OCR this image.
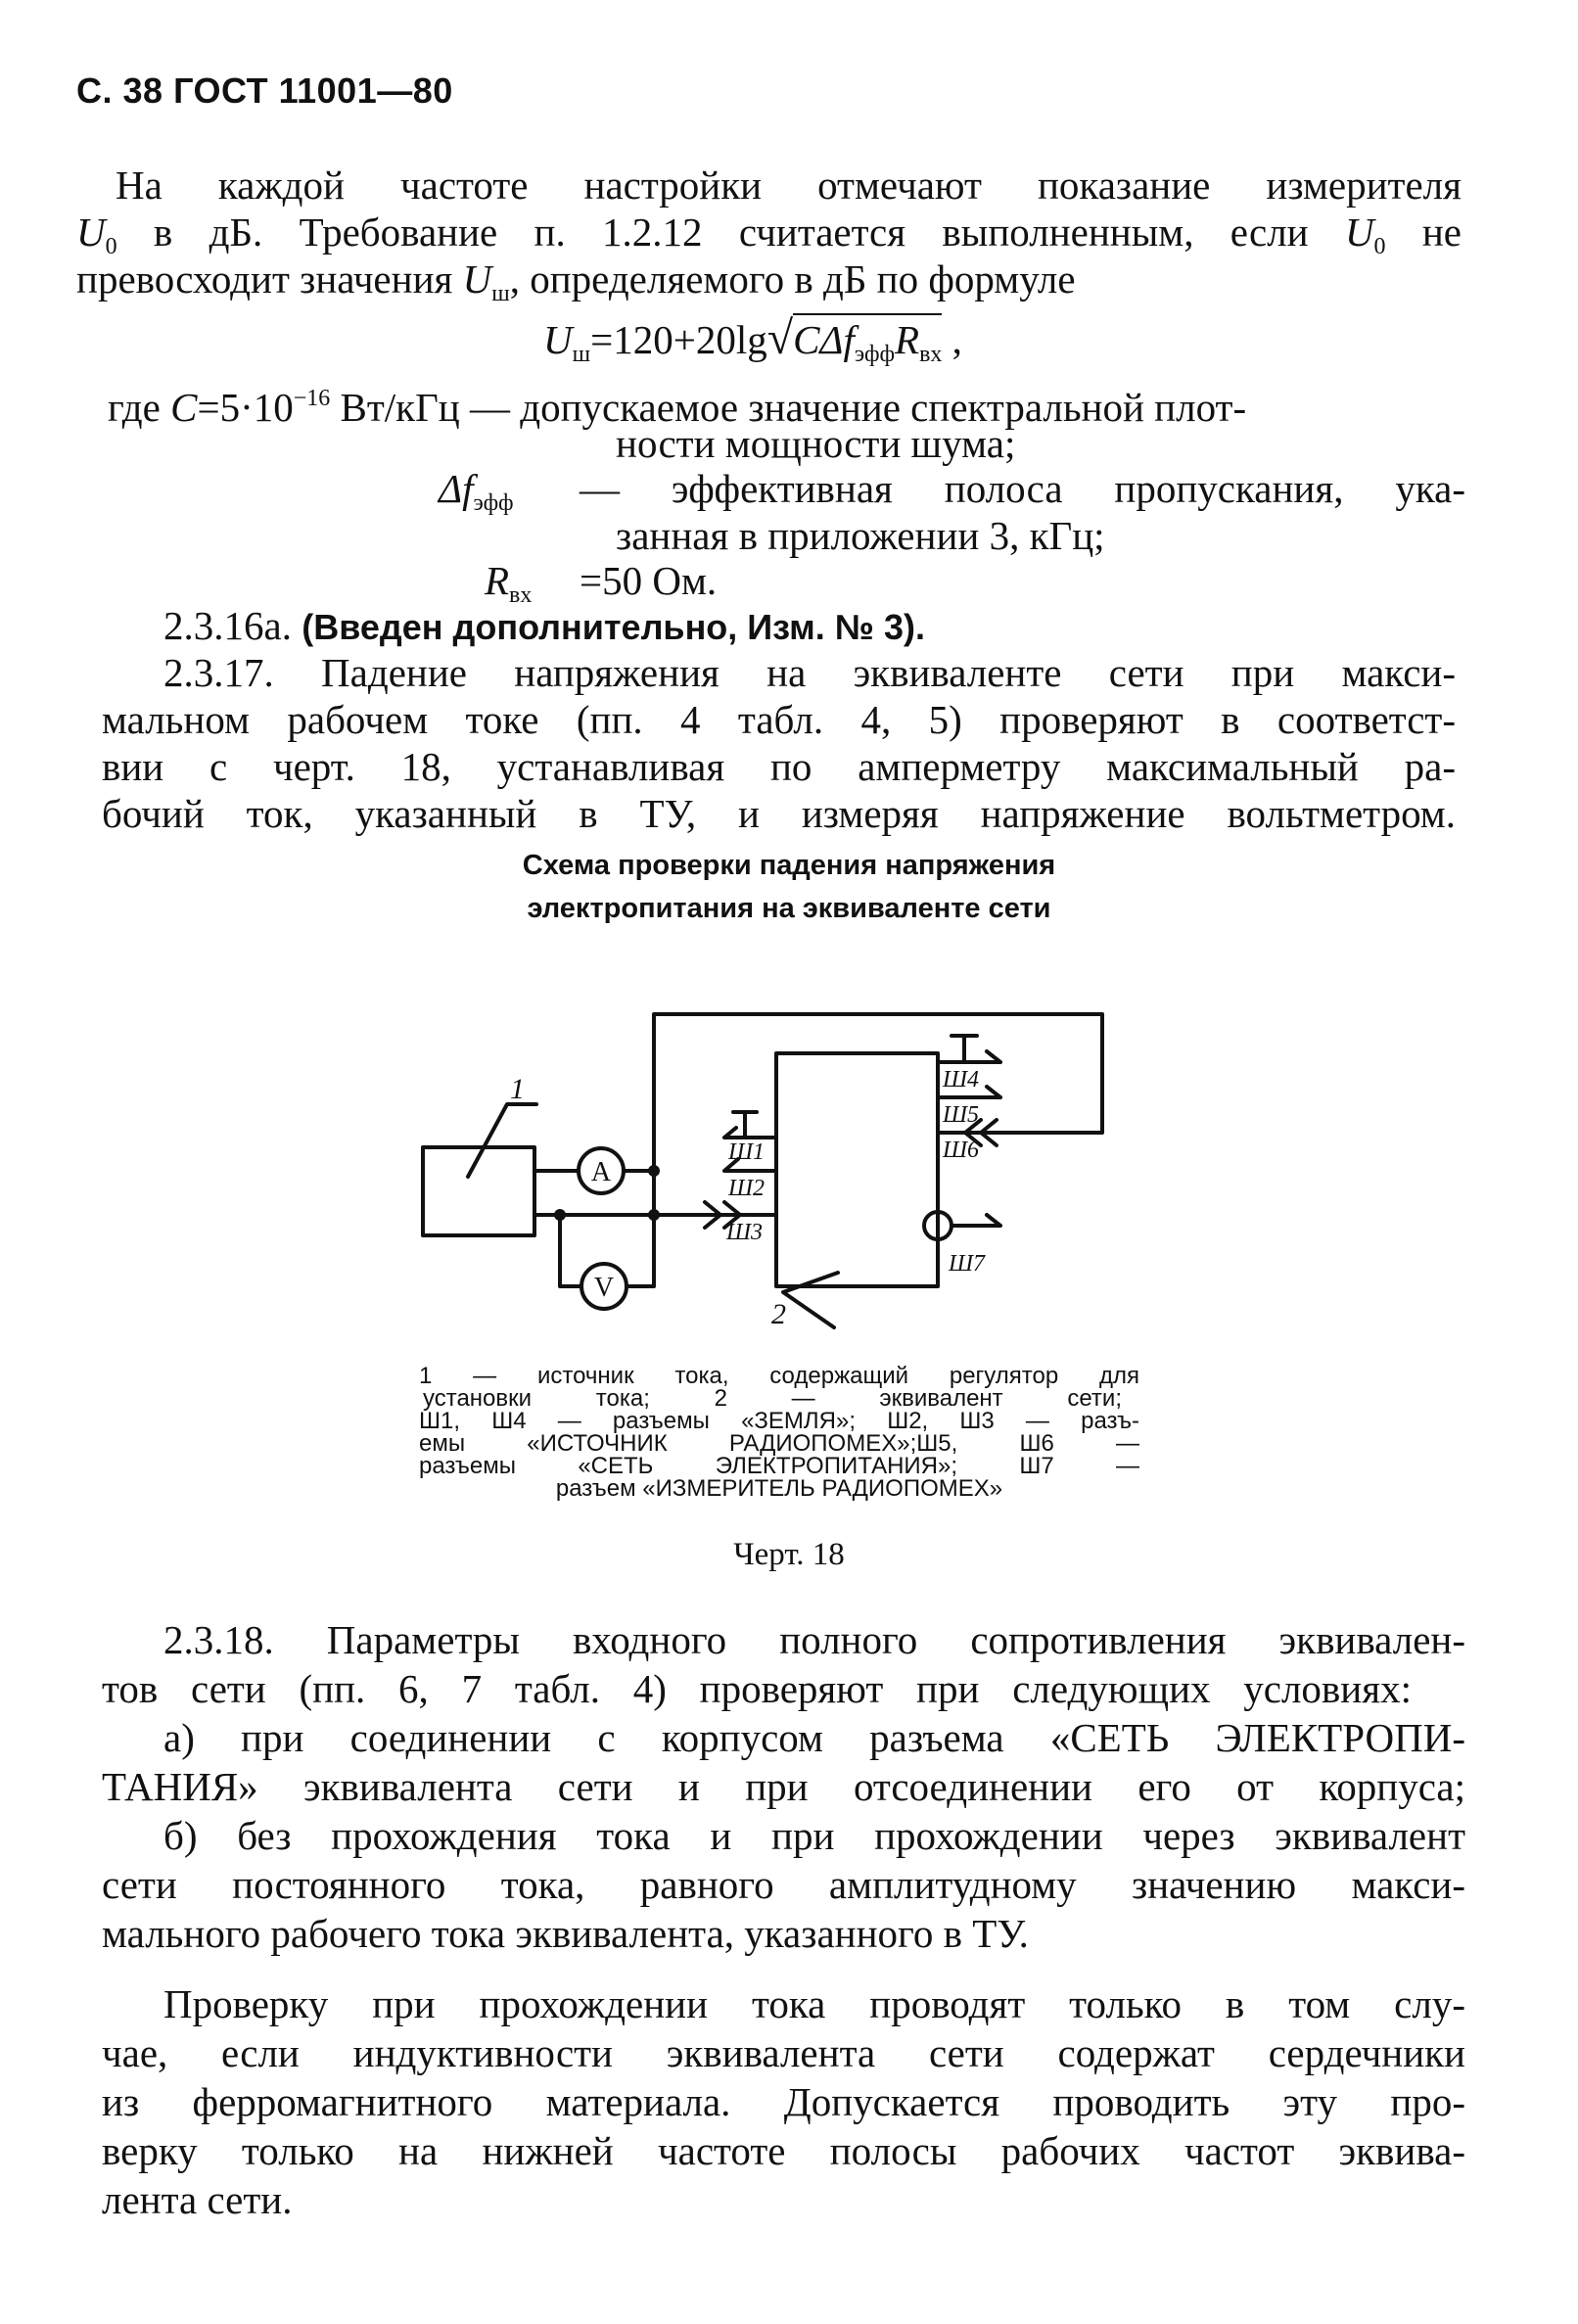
С. 38 ГОСТ 11001—80
На каждой частоте настройки отмечают показание измерителя
$U_0$ в дБ. Требование п. 1.2.12 считается выполненным, если $U_0$ не
превосходит значения $U_ш$, определяемого в дБ по формуле
$U_ш=120+20\lg√C\Delta f_{эфф}R_{вх}$ ,
где $C=5\cdot 10^{-16}$ Вт/кГц — допускаемое значение спектральной плот-
ности мощности шума;
$\Delta f_{эфф}$ — эффективная полоса пропускания, ука-
занная в приложении 3, кГц;
$R_{вх} =50$ Ом.
2.3.16а. (Введен дополнительно, Изм. № 3).
2.3.17. Падение напряжения на эквиваленте сети при макси-
мальном рабочем токе (пп. 4 табл. 4, 5) проверяют в соответст-
вии с черт. 18, устанавливая по амперметру максимальный ра-
бочий ток, указанный в ТУ, и измеряя напряжение вольтметром.
Схема проверки падения напряжения
электропитания на эквиваленте сети
1
2
A
V
Ш1
Ш2
Ш3
Ш4
Ш5
Ш6
Ш7
1 — источник тока, содержащий регулятор для
установки тока; 2 — эквивалент сети;
Ш1, Ш4 — разъемы «ЗЕМЛЯ»; Ш2, Ш3 — разъ-
емы «ИСТОЧНИК РАДИОПОМЕХ»;Ш5, Ш6 —
разъемы «СЕТЬ ЭЛЕКТРОПИТАНИЯ»; Ш7 —
разъем «ИЗМЕРИТЕЛЬ РАДИОПОМЕХ»
Черт. 18
2.3.18. Параметры входного полного сопротивления эквивален-
тов сети (пп. 6, 7 табл. 4) проверяют при следующих условиях:
а) при соединении с корпусом разъема «СЕТЬ ЭЛЕКТРОПИ-
ТАНИЯ» эквивалента сети и при отсоединении его от корпуса;
б) без прохождения тока и при прохождении через эквивалент
сети постоянного тока, равного амплитудному значению макси-
мального рабочего тока эквивалента, указанного в ТУ.
Проверку при прохождении тока проводят только в том слу-
чае, если индуктивности эквивалента сети содержат сердечники
из ферромагнитного материала. Допускается проводить эту про-
верку только на нижней частоте полосы рабочих частот эквива-
лента сети.
